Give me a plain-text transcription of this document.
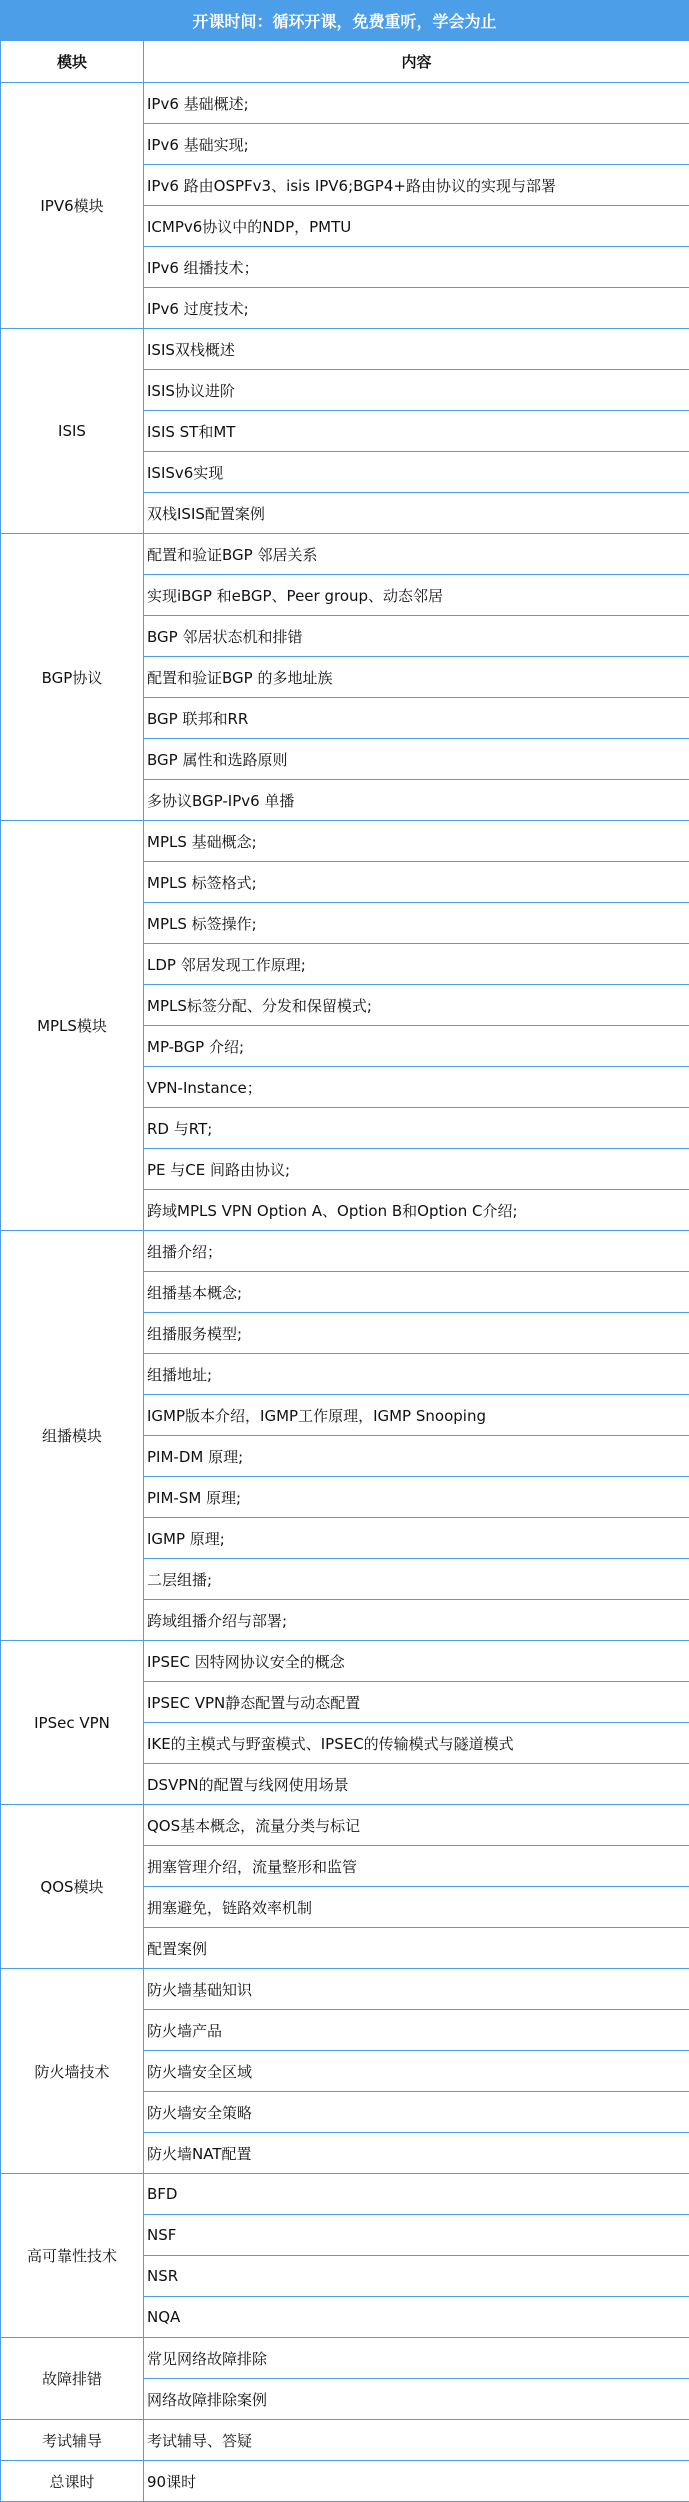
开课时间：循环开课，免费重听，学会为止
模块	内容
IPV6模块	IPv6 基础概述;
	IPv6 基础实现;
	IPv6 路由OSPFv3、isis IPV6;BGP4+路由协议的实现与部署
	ICMPv6协议中的NDP，PMTU
	IPv6 组播技术；
	IPv6 过度技术;
ISIS	ISIS双栈概述
	ISIS协议进阶
	ISIS ST和MT
	ISISv6实现
	双栈ISIS配置案例
BGP协议	配置和验证BGP 邻居关系
	实现iBGP 和eBGP、Peer group、动态邻居
	BGP 邻居状态机和排错
	配置和验证BGP 的多地址族
	BGP 联邦和RR
	BGP 属性和选路原则
	多协议BGP-IPv6 单播
MPLS模块	MPLS 基础概念;
	MPLS 标签格式;
	MPLS 标签操作;
	LDP 邻居发现工作原理;
	MPLS标签分配、分发和保留模式;
	MP-BGP 介绍;
	VPN-Instance；
	RD 与RT;
	PE 与CE 间路由协议;
	跨域MPLS VPN Option A、Option B和Option C介绍;
组播模块	组播介绍；
	组播基本概念;
	组播服务模型;
	组播地址;
	IGMP版本介绍，IGMP工作原理，IGMP Snooping
	PIM-DM 原理;
	PIM-SM 原理;
	IGMP 原理;
	二层组播;
	跨域组播介绍与部署;
IPSec VPN	IPSEC 因特网协议安全的概念
	IPSEC VPN静态配置与动态配置
	IKE的主模式与野蛮模式、IPSEC的传输模式与隧道模式
	DSVPN的配置与线网使用场景
QOS模块	QOS基本概念，流量分类与标记
	拥塞管理介绍，流量整形和监管
	拥塞避免，链路效率机制
	配置案例
防火墙技术	防火墙基础知识
	防火墙产品
	防火墙安全区域
	防火墙安全策略
	防火墙NAT配置
高可靠性技术	BFD
	NSF
	NSR
	NQA
故障排错	常见网络故障排除
	网络故障排除案例
考试辅导	考试辅导、答疑
总课时	90课时
